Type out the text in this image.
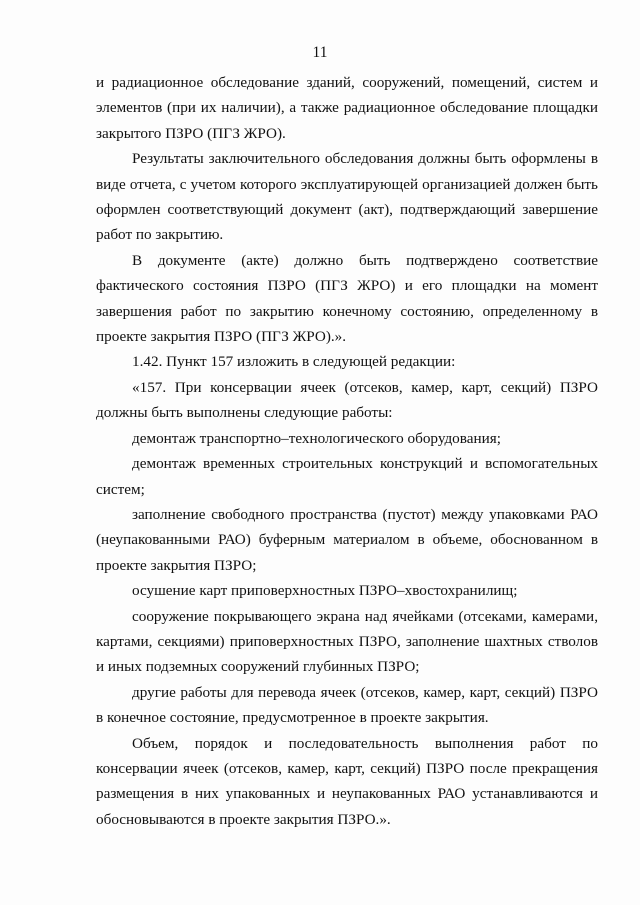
11

и радиационное обследование зданий, сооружений, помещений, систем и элементов (при их наличии), а также радиационное обследование площадки закрытого ПЗРО (ПГЗ ЖРО).

Результаты заключительного обследования должны быть оформлены в виде отчета, с учетом которого эксплуатирующей организацией должен быть оформлен соответствующий документ (акт), подтверждающий завершение работ по закрытию.

В документе (акте) должно быть подтверждено соответствие фактического состояния ПЗРО (ПГЗ ЖРО) и его площадки на момент завершения работ по закрытию конечному состоянию, определенному в проекте закрытия ПЗРО (ПГЗ ЖРО).».

1.42. Пункт 157 изложить в следующей редакции:

«157. При консервации ячеек (отсеков, камер, карт, секций) ПЗРО должны быть выполнены следующие работы:

демонтаж транспортно–технологического оборудования;

демонтаж временных строительных конструкций и вспомогательных систем;

заполнение свободного пространства (пустот) между упаковками РАО (неупакованными РАО) буферным материалом в объеме, обоснованном в проекте закрытия ПЗРО;

осушение карт приповерхностных ПЗРО–хвостохранилищ;

сооружение покрывающего экрана над ячейками (отсеками, камерами, картами, секциями) приповерхностных ПЗРО, заполнение шахтных стволов и иных подземных сооружений глубинных ПЗРО;

другие работы для перевода ячеек (отсеков, камер, карт, секций) ПЗРО в конечное состояние, предусмотренное в проекте закрытия.

Объем, порядок и последовательность выполнения работ по консервации ячеек (отсеков, камер, карт, секций) ПЗРО после прекращения размещения в них упакованных и неупакованных РАО устанавливаются и обосновываются в проекте закрытия ПЗРО.».
